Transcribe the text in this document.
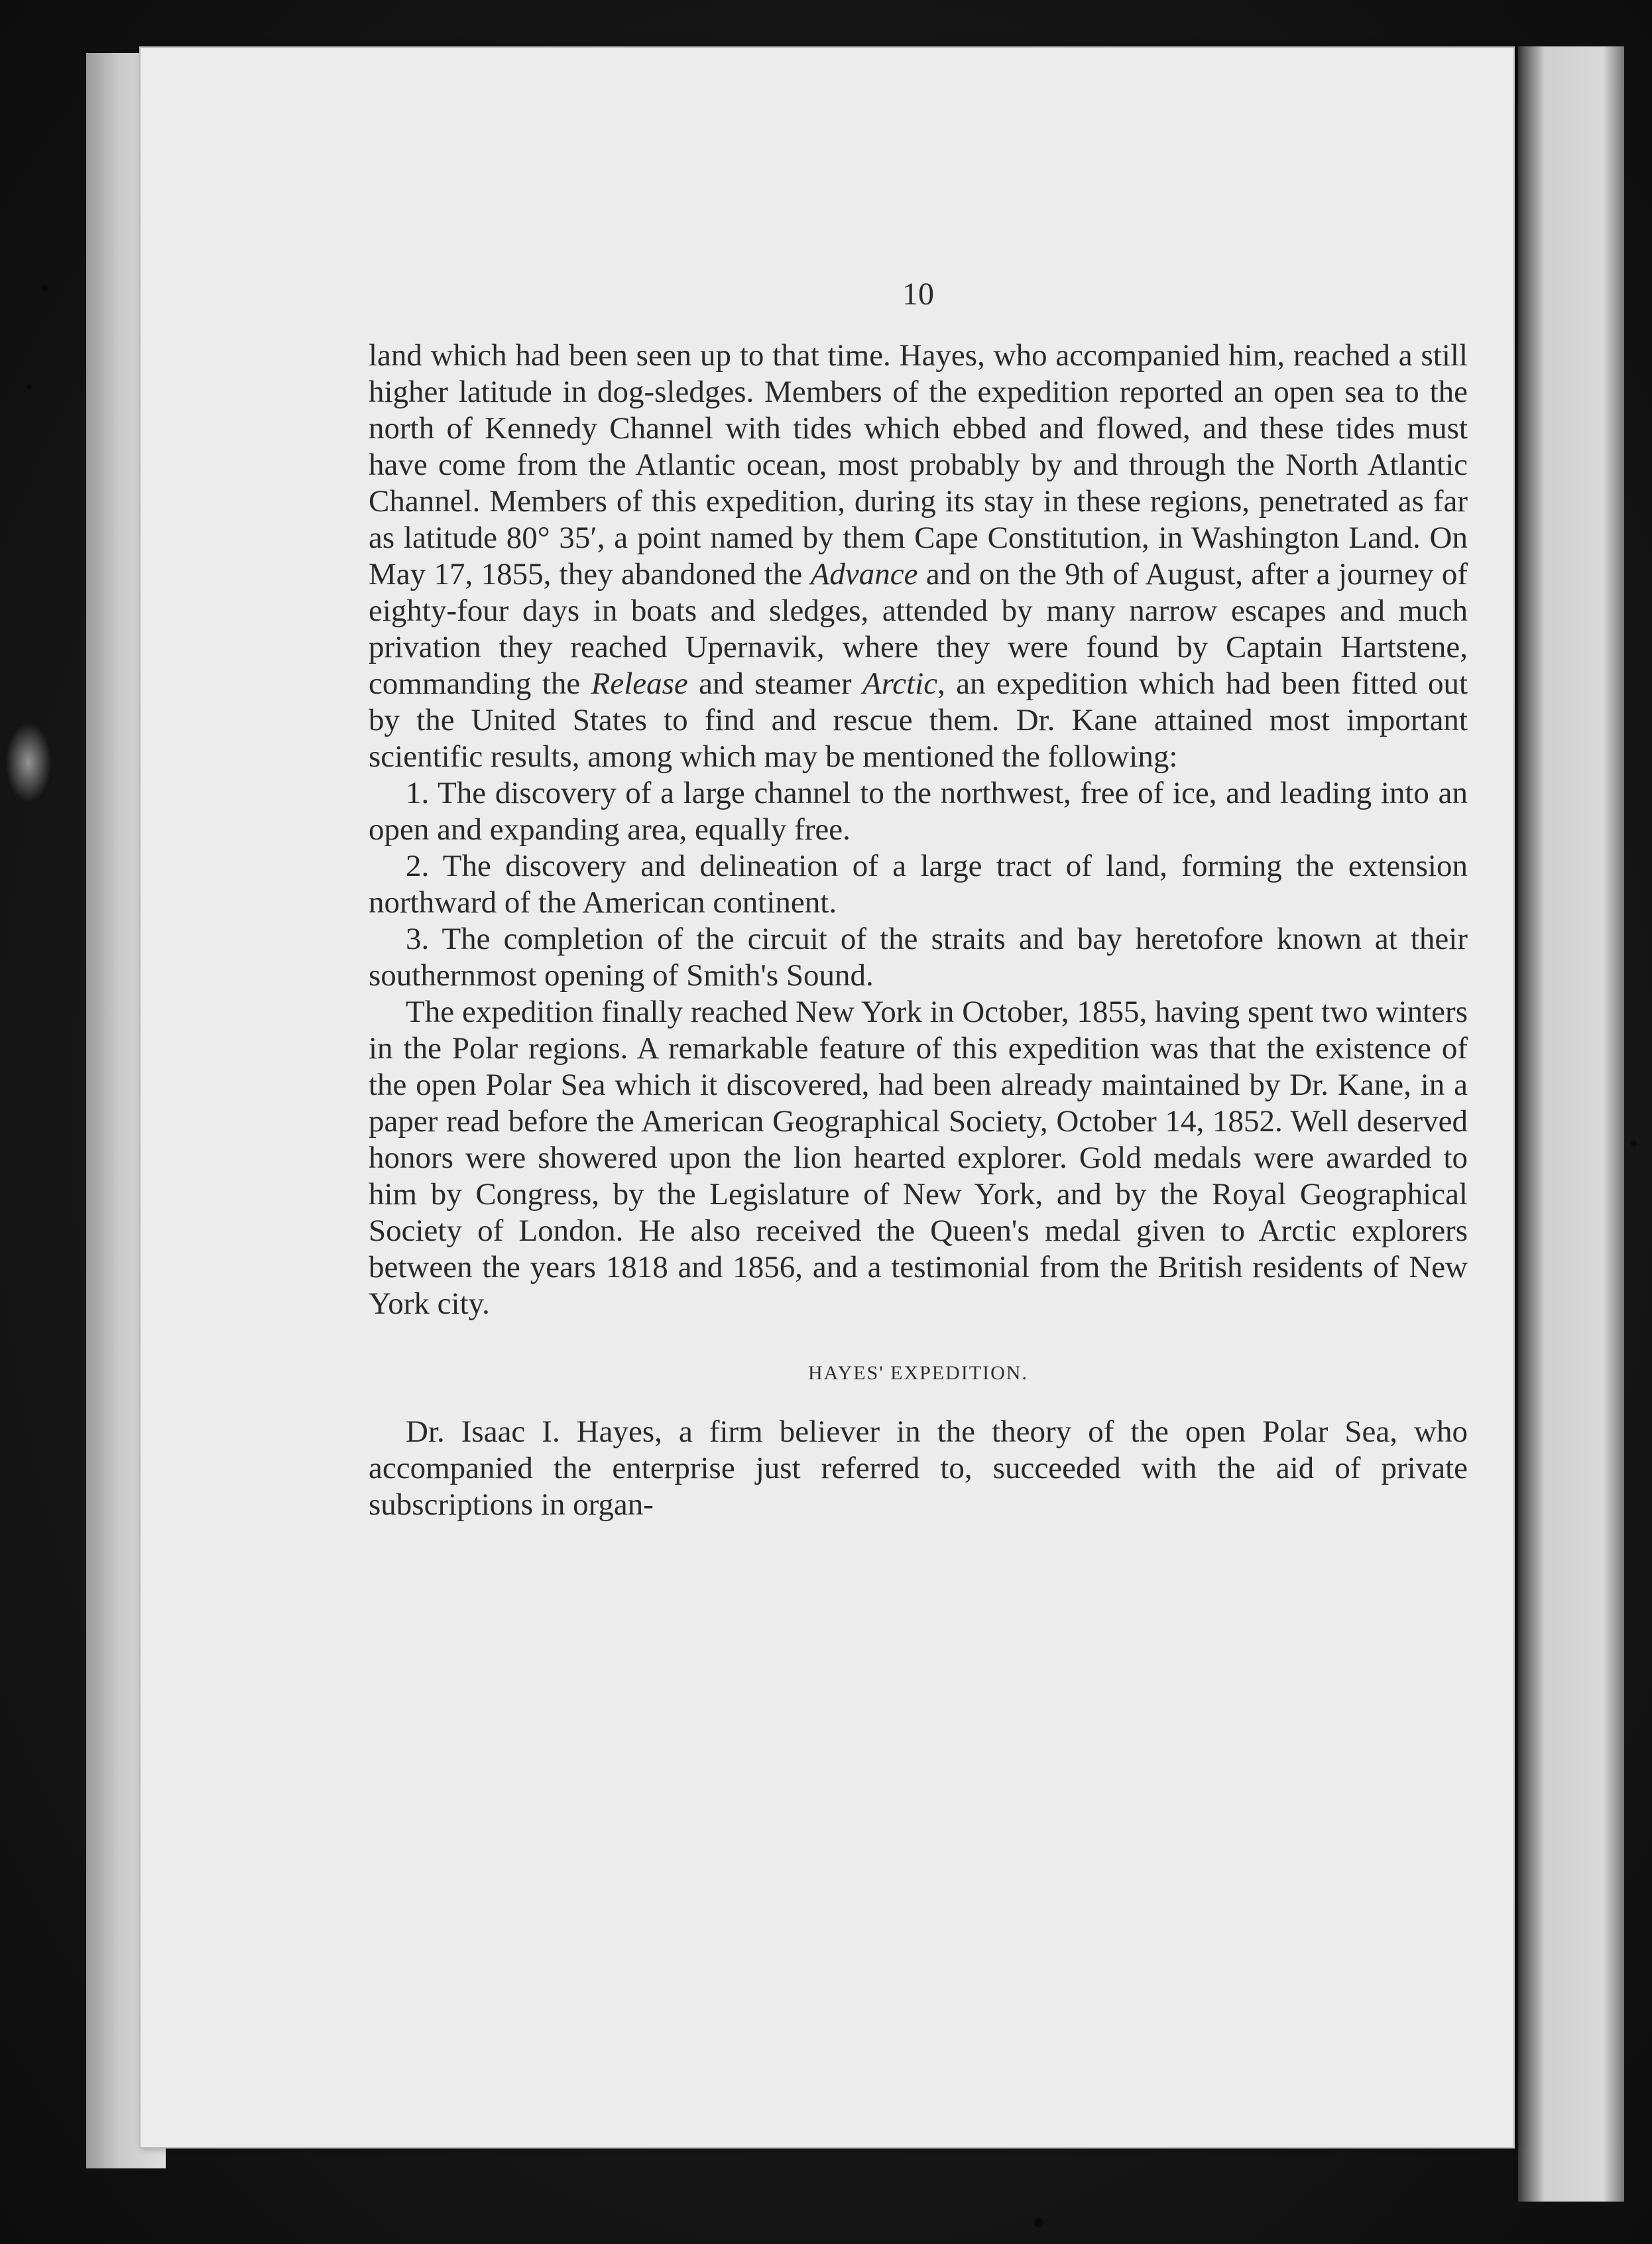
10

land which had been seen up to that time. Hayes, who accompanied him, reached a still higher latitude in dog-sledges. Members of the expedition reported an open sea to the north of Kennedy Channel with tides which ebbed and flowed, and these tides must have come from the Atlantic ocean, most probably by and through the North Atlantic Channel. Members of this expedition, during its stay in these regions, penetrated as far as latitude 80° 35′, a point named by them Cape Constitution, in Washington Land. On May 17, 1855, they abandoned the Advance and on the 9th of August, after a journey of eighty-four days in boats and sledges, attended by many narrow escapes and much privation they reached Upernavik, where they were found by Captain Hartstene, commanding the Release and steamer Arctic, an expedition which had been fitted out by the United States to find and rescue them. Dr. Kane attained most important scientific results, among which may be mentioned the following:

1. The discovery of a large channel to the northwest, free of ice, and leading into an open and expanding area, equally free.

2. The discovery and delineation of a large tract of land, forming the extension northward of the American continent.

3. The completion of the circuit of the straits and bay heretofore known at their southernmost opening of Smith's Sound.

The expedition finally reached New York in October, 1855, having spent two winters in the Polar regions. A remarkable feature of this expedition was that the existence of the open Polar Sea which it discovered, had been already maintained by Dr. Kane, in a paper read before the American Geographical Society, October 14, 1852. Well deserved honors were showered upon the lion hearted explorer. Gold medals were awarded to him by Congress, by the Legislature of New York, and by the Royal Geographical Society of London. He also received the Queen's medal given to Arctic explorers between the years 1818 and 1856, and a testimonial from the British residents of New York city.

HAYES' EXPEDITION.

Dr. Isaac I. Hayes, a firm believer in the theory of the open Polar Sea, who accompanied the enterprise just referred to, succeeded with the aid of private subscriptions in organ-
